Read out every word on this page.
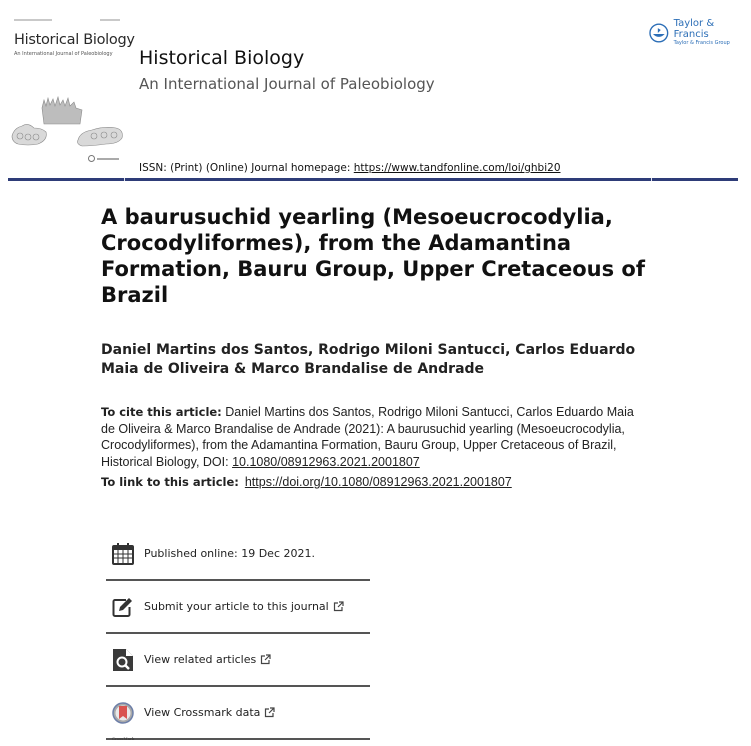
Historical Biology
An International Journal of Paleobiology Historical Biology
An International Journal of Paleobiology
Taylor & Francis
Taylor & Francis Group
ISSN: (Print) (Online) Journal homepage: https://www.tandfonline.com/loi/ghbi20
A baurusuchid yearling (Mesoeucrocodylia, Crocodyliformes), from the Adamantina Formation, Bauru Group, Upper Cretaceous of Brazil
Daniel Martins dos Santos, Rodrigo Miloni Santucci, Carlos Eduardo Maia de Oliveira & Marco Brandalise de Andrade
To cite this article: Daniel Martins dos Santos, Rodrigo Miloni Santucci, Carlos Eduardo Maia de Oliveira & Marco Brandalise de Andrade (2021): A baurusuchid yearling (Mesoeucrocodylia, Crocodyliformes), from the Adamantina Formation, Bauru Group, Upper Cretaceous of Brazil, Historical Biology, DOI: 10.1080/08912963.2021.2001807
To link to this article: https://doi.org/10.1080/08912963.2021.2001807
Published online: 19 Dec 2021.
Submit your article to this journal
View related articles
CrossMark
View Crossmark data
